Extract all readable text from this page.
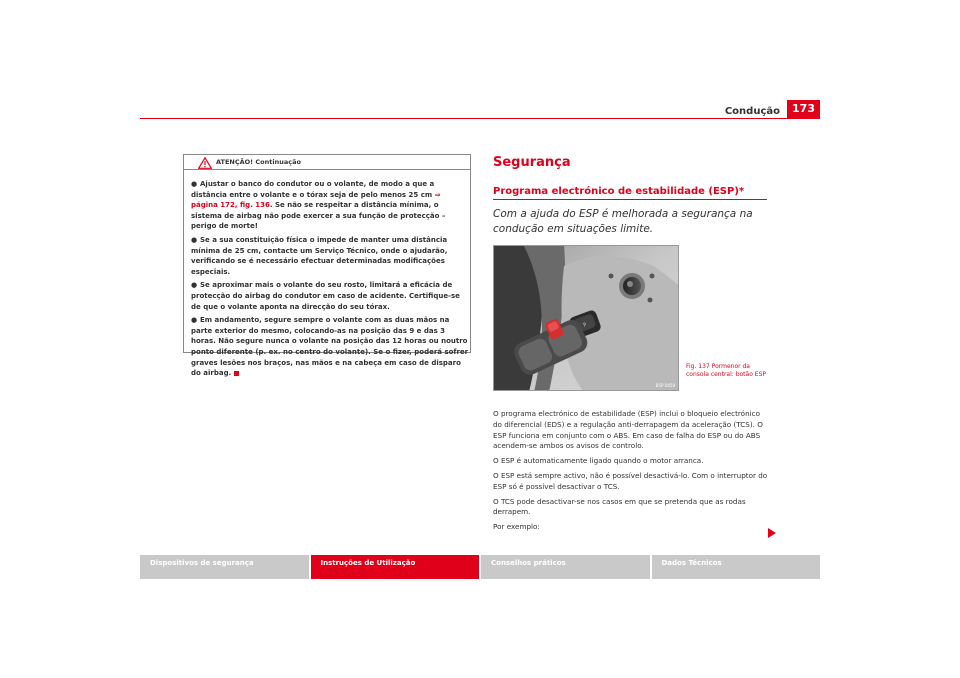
Condução	173
ATENÇÃO! Continuação
● Ajustar o banco do condutor ou o volante, de modo a que a distância entre o volante e o tórax seja de pelo menos 25 cm ⇒ página 172, fig. 136. Se não se respeitar a distância mínima, o sistema de airbag não pode exercer a sua função de protecção – perigo de morte!
● Se a sua constituição física o impede de manter uma distância mínima de 25 cm, contacte um Serviço Técnico, onde o ajudarão, verificando se é necessário efectuar determinadas modificações especiais.
● Se aproximar mais o volante do seu rosto, limitará a eficácia de protecção do airbag do condutor em caso de acidente. Certifique-se de que o volante aponta na direcção do seu tórax.
● Em andamento, segure sempre o volante com as duas mãos na parte exterior do mesmo, colocando-as na posição das 9 e das 3 horas. Não segure nunca o volante na posição das 12 horas ou noutro ponto diferente (p. ex. no centro do volante). Se o fizer, poderá sofrer graves lesões nos braços, nas mãos e na cabeça em caso de disparo do airbag.
Segurança
Programa electrónico de estabilidade (ESP)*
Com a ajuda do ESP é melhorada a segurança na condução em situações limite.
P
B5P-0458
Fig. 137 Pormenor da consola central: botão ESP

O programa electrónico de estabilidade (ESP) inclui o bloqueio electrónico do diferencial (EDS) e a regulação anti-derrapagem da aceleração (TCS). O ESP funciona em conjunto com o ABS. Em caso de falha do ESP ou do ABS acendem-se ambos os avisos de controlo.

O ESP é automaticamente ligado quando o motor arranca.

O ESP está sempre activo, não é possível desactivá-lo. Com o interruptor do ESP só é possível desactivar o TCS.

O TCS pode desactivar-se nos casos em que se pretenda que as rodas derrapem.

Por exemplo:

Dispositivos de segurança	Instruções de Utilização	Conselhos práticos	Dados Técnicos
